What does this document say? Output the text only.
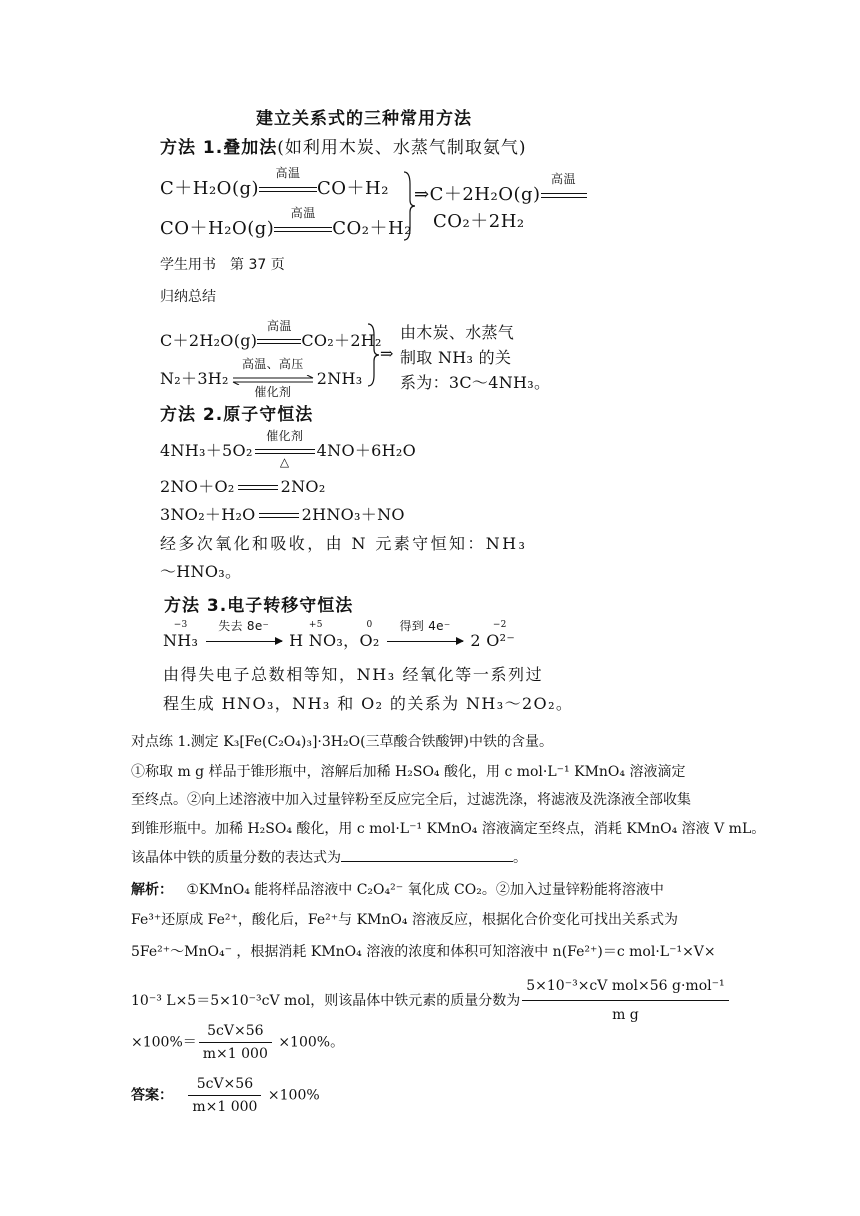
建立关系式的三种常用方法
方法 1.叠加法(如利用木炭、水蒸气制取氨气)
C＋H₂O(g)
高温
CO＋H₂
CO＋H₂O(g)
高温
CO₂＋H₂
⇒C＋2H₂O(g)
高温
CO₂＋2H₂
学生用书　第 37 页
归纳总结
C＋2H₂O(g)
高温
CO₂＋2H₂
N₂＋3H₂
高温、高压
催化剂
2NH₃
⇒
由木炭、水蒸气
制取 NH₃ 的关
系为：3C～4NH₃。
方法 2.原子守恒法
4NH₃＋5O₂
催化剂
△
4NO＋6H₂O
2NO＋O₂	2NO₂
3NO₂＋H₂O	2HNO₃＋NO
经多次氧化和吸收，由 N 元素守恒知：NH₃
～HNO₃。
方法 3.电子转移守恒法
−3
NH₃
失去 8e⁻
H
+5
NO₃，
0
O₂
得到 4e⁻
	−2
2 O²⁻
由得失电子总数相等知，NH₃ 经氧化等一系列过
程生成 HNO₃，NH₃ 和 O₂ 的关系为 NH₃～2O₂。
对点练 1.测定 K₃[Fe(C₂O₄)₃]·3H₂O(三草酸合铁酸钾)中铁的含量。
①称取 m g 样品于锥形瓶中，溶解后加稀 H₂SO₄ 酸化，用 c mol·L⁻¹ KMnO₄ 溶液滴定
至终点。②向上述溶液中加入过量锌粉至反应完全后，过滤洗涤，将滤液及洗涤液全部收集
到锥形瓶中。加稀 H₂SO₄ 酸化，用 c mol·L⁻¹ KMnO₄ 溶液滴定至终点，消耗 KMnO₄ 溶液 V mL。
该晶体中铁的质量分数的表达式为	。
解析： ①KMnO₄ 能将样品溶液中 C₂O₄²⁻ 氧化成 CO₂。②加入过量锌粉能将溶液中
Fe³⁺还原成 Fe²⁺，酸化后，Fe²⁺与 KMnO₄ 溶液反应，根据化合价变化可找出关系式为
5Fe²⁺～MnO₄⁻ ，根据消耗 KMnO₄ 溶液的浓度和体积可知溶液中 n(Fe²⁺)＝c mol·L⁻¹×V×
10⁻³ L×5＝5×10⁻³cV mol，则该晶体中铁元素的质量分数为 $\frac{\text{5×10⁻³×cV mol×56 g·mol⁻¹}}{\text{m g}}$
$\times 100\%= \frac{5cV\times 56}{m\times 1 000} \times 100\%$。
答案： $\frac{5cV\times 56}{m\times 1 000} \times 100\%$
